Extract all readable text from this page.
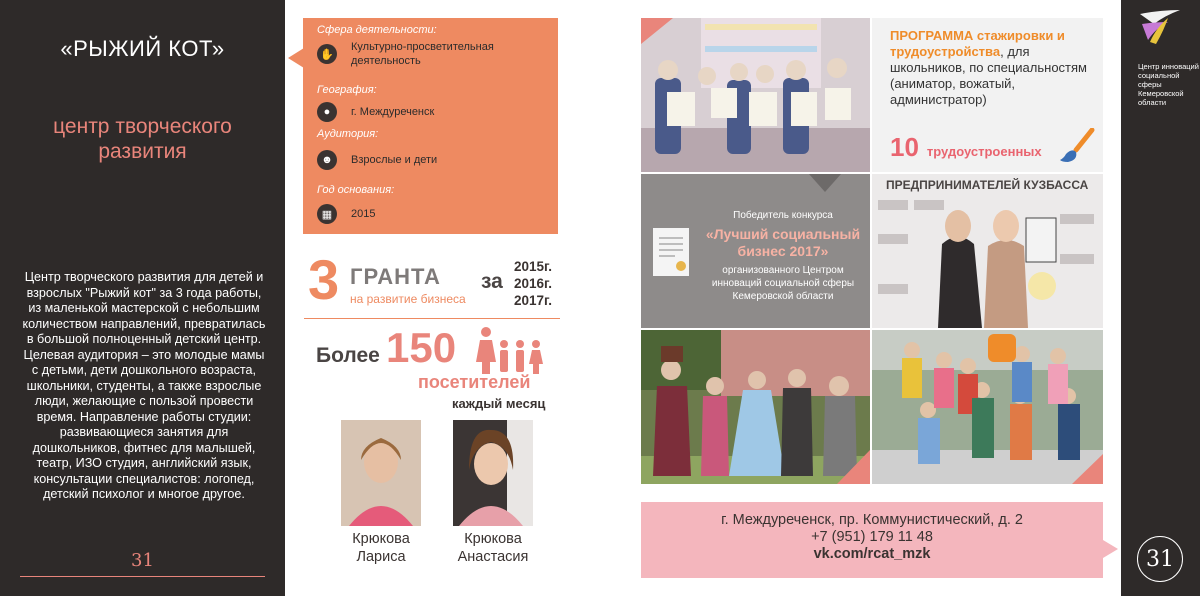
«РЫЖИЙ КОТ»
центр творческого
развития
Центр творческого развития для детей и взрослых "Рыжий кот" за 3 года работы, из маленькой мастерской с небольшим количеством направлений, превратилась в большой полноценный детский центр. Целевая аудитория – это молодые мамы с детьми, дети дошкольного возраста, школьники, студенты, а также взрослые люди, желающие с пользой провести время. Направление работы студии: развивающиеся занятия для дошкольников, фитнес для малышей, театр, ИЗО студия, английский язык, консультации специалистов: логопед, детский психолог и многое другое.
31
Сфера деятельности:
✋
Культурно-просветительная
деятельность
География:
●	г. Междуреченск
Аудитория:
☻	Взрослые и дети
Год основания:
▦	2015
3 ГРАНТА
на развитие бизнеса
за
2015г.
2016г.
2017г.
Более 150
посетителей
каждый месяц
Крюкова
Лариса
Крюкова
Анастасия
ПРОГРАММА стажировки и трудоустройства, для школьников, по специальностям (аниматор, вожатый, администратор)
10 трудоустроенных
Победитель конкурса
«Лучший социальный бизнес 2017»
организованного Центром инноваций социальной сферы Кемеровской области
ПРЕДПРИНИМАТЕЛЕЙ КУЗБАССА
г. Междуреченск, пр. Коммунистический, д. 2
+7 (951) 179 11 48
vk.com/rcat_mzk
Центр инноваций социальной сферы Кемеровской области
31
